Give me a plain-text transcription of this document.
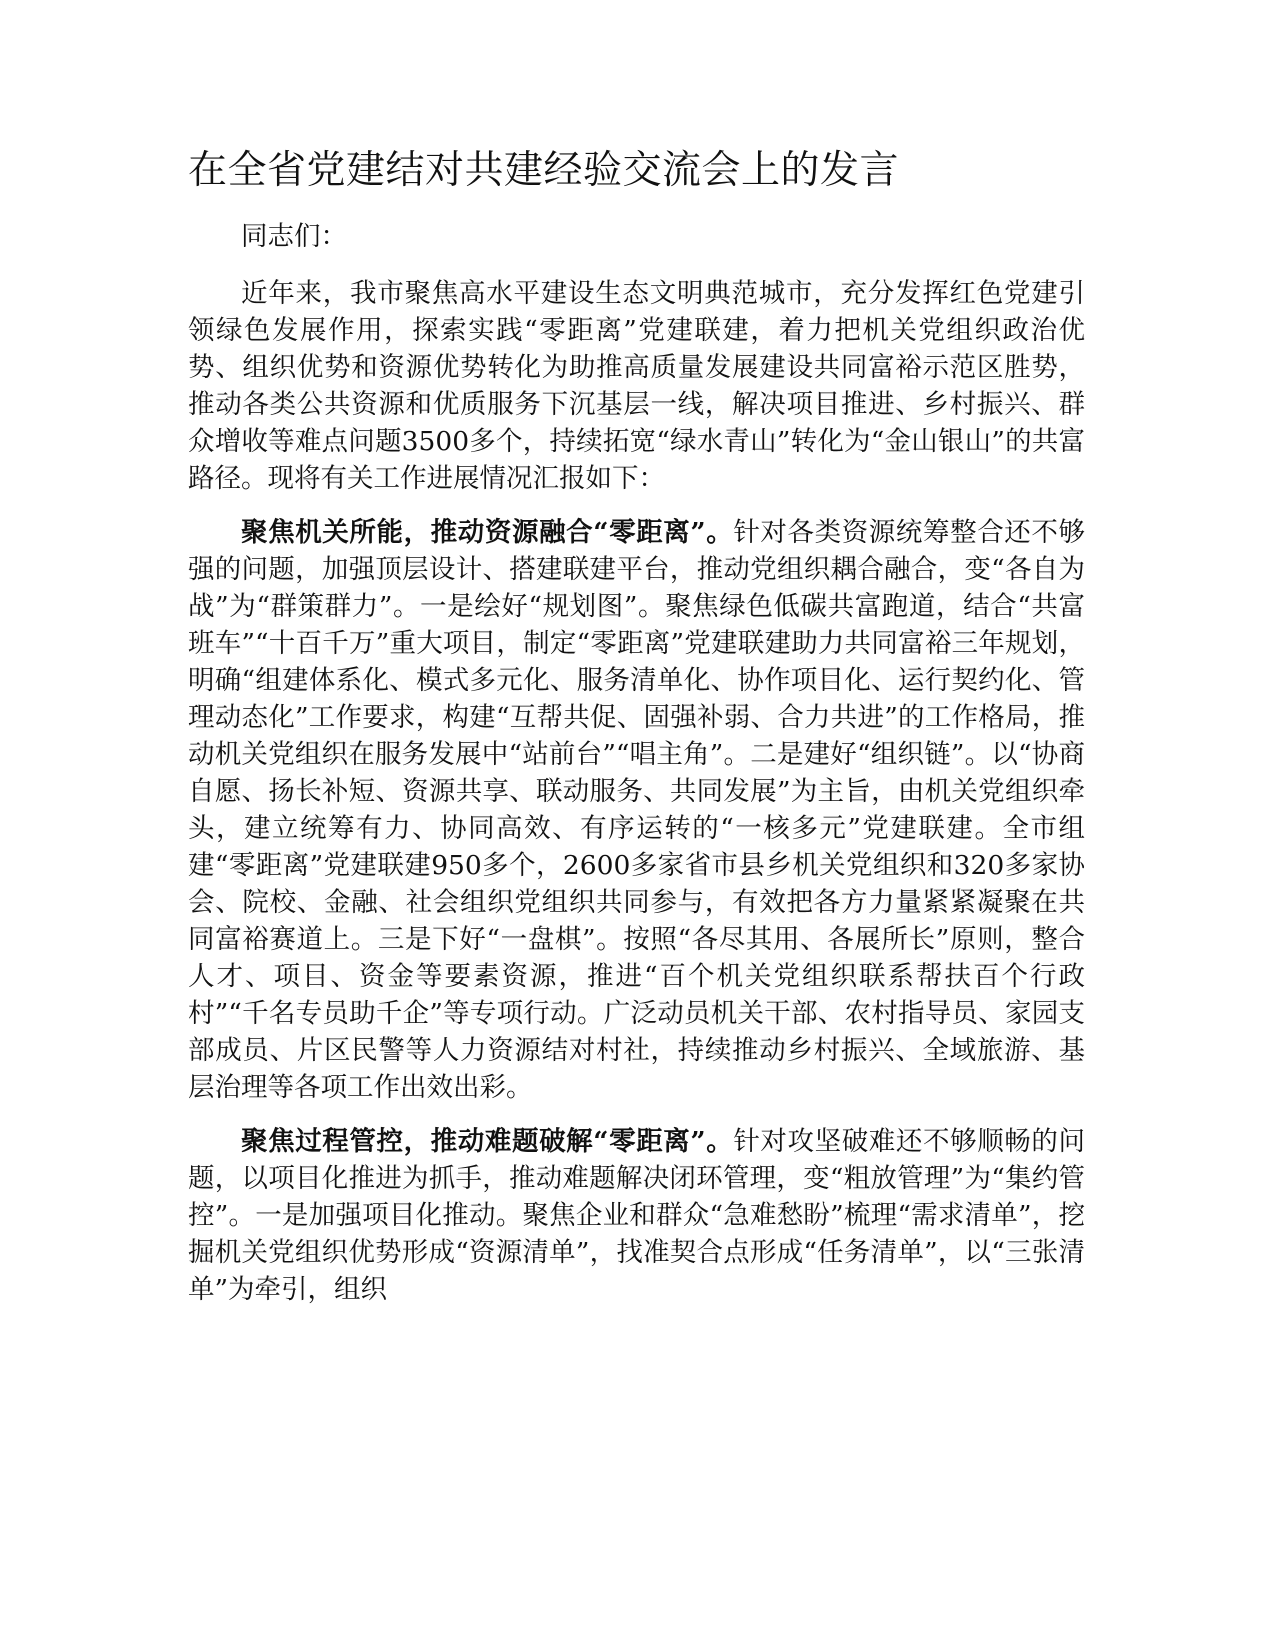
在全省党建结对共建经验交流会上的发言

同志们：

近年来，我市聚焦高水平建设生态文明典范城市，充分发挥红色党建引领绿色发展作用，探索实践“零距离”党建联建，着力把机关党组织政治优势、组织优势和资源优势转化为助推高质量发展建设共同富裕示范区胜势，推动各类公共资源和优质服务下沉基层一线，解决项目推进、乡村振兴、群众增收等难点问题3500多个，持续拓宽“绿水青山”转化为“金山银山”的共富路径。现将有关工作进展情况汇报如下：

聚焦机关所能，推动资源融合“零距离”。针对各类资源统筹整合还不够强的问题，加强顶层设计、搭建联建平台，推动党组织耦合融合，变“各自为战”为“群策群力”。一是绘好“规划图”。聚焦绿色低碳共富跑道，结合“共富班车”“十百千万”重大项目，制定“零距离”党建联建助力共同富裕三年规划，明确“组建体系化、模式多元化、服务清单化、协作项目化、运行契约化、管理动态化”工作要求，构建“互帮共促、固强补弱、合力共进”的工作格局，推动机关党组织在服务发展中“站前台”“唱主角”。二是建好“组织链”。以“协商自愿、扬长补短、资源共享、联动服务、共同发展”为主旨，由机关党组织牵头，建立统筹有力、协同高效、有序运转的“一核多元”党建联建。全市组建“零距离”党建联建950多个，2600多家省市县乡机关党组织和320多家协会、院校、金融、社会组织党组织共同参与，有效把各方力量紧紧凝聚在共同富裕赛道上。三是下好“一盘棋”。按照“各尽其用、各展所长”原则，整合人才、项目、资金等要素资源，推进“百个机关党组织联系帮扶百个行政村”“千名专员助千企”等专项行动。广泛动员机关干部、农村指导员、家园支部成员、片区民警等人力资源结对村社，持续推动乡村振兴、全域旅游、基层治理等各项工作出效出彩。

聚焦过程管控，推动难题破解“零距离”。针对攻坚破难还不够顺畅的问题，以项目化推进为抓手，推动难题解决闭环管理，变“粗放管理”为“集约管控”。一是加强项目化推动。聚焦企业和群众“急难愁盼”梳理“需求清单”，挖掘机关党组织优势形成“资源清单”，找准契合点形成“任务清单”，以“三张清单”为牵引，组织
